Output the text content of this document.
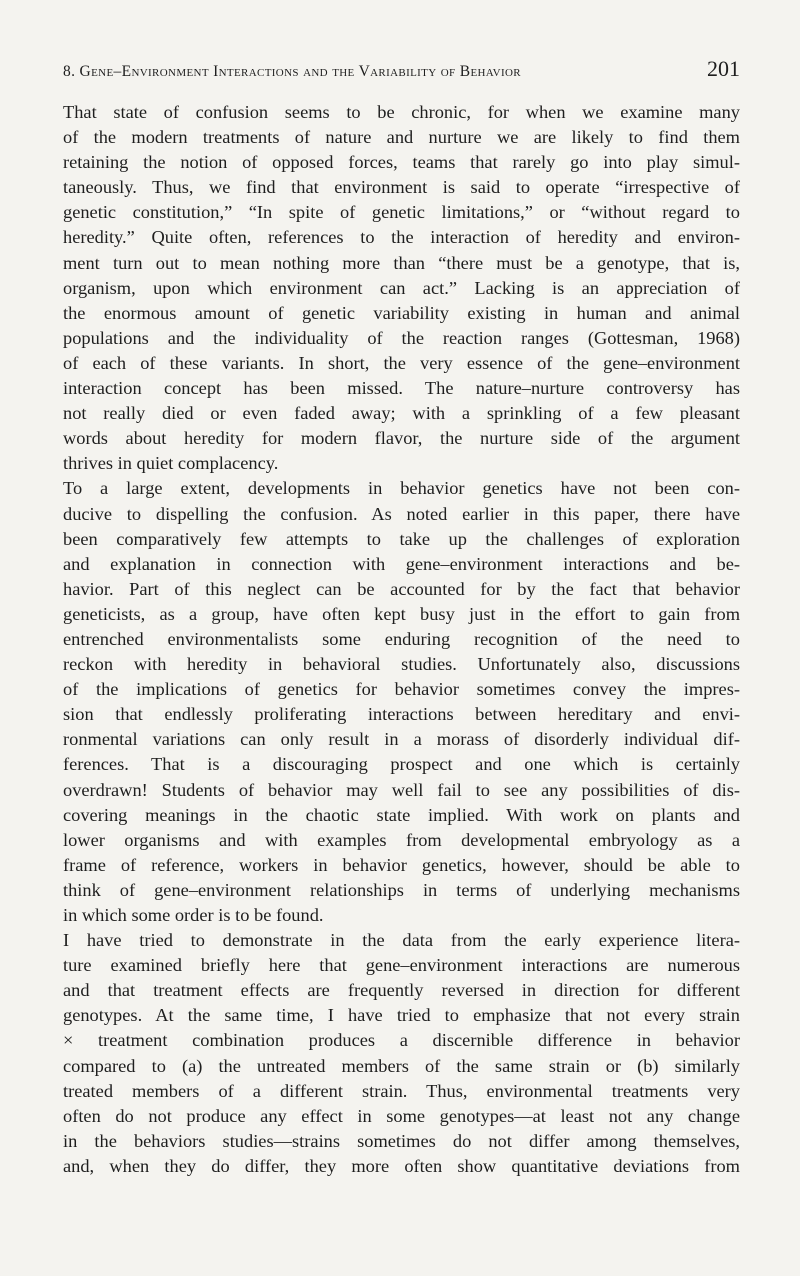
8. Gene–Environment Interactions and the Variability of Behavior	201
That state of confusion seems to be chronic, for when we examine many
of the modern treatments of nature and nurture we are likely to find them
retaining the notion of opposed forces, teams that rarely go into play simul-
taneously. Thus, we find that environment is said to operate “irrespective of
genetic constitution,” “In spite of genetic limitations,” or “without regard to
heredity.” Quite often, references to the interaction of heredity and environ-
ment turn out to mean nothing more than “there must be a genotype, that is,
organism, upon which environment can act.” Lacking is an appreciation of
the enormous amount of genetic variability existing in human and animal
populations and the individuality of the reaction ranges (Gottesman, 1968)
of each of these variants. In short, the very essence of the gene–environment
interaction concept has been missed. The nature–nurture controversy has
not really died or even faded away; with a sprinkling of a few pleasant
words about heredity for modern flavor, the nurture side of the argument
thrives in quiet complacency.
To a large extent, developments in behavior genetics have not been con-
ducive to dispelling the confusion. As noted earlier in this paper, there have
been comparatively few attempts to take up the challenges of exploration
and explanation in connection with gene–environment interactions and be-
havior. Part of this neglect can be accounted for by the fact that behavior
geneticists, as a group, have often kept busy just in the effort to gain from
entrenched environmentalists some enduring recognition of the need to
reckon with heredity in behavioral studies. Unfortunately also, discussions
of the implications of genetics for behavior sometimes convey the impres-
sion that endlessly proliferating interactions between hereditary and envi-
ronmental variations can only result in a morass of disorderly individual dif-
ferences. That is a discouraging prospect and one which is certainly
overdrawn! Students of behavior may well fail to see any possibilities of dis-
covering meanings in the chaotic state implied. With work on plants and
lower organisms and with examples from developmental embryology as a
frame of reference, workers in behavior genetics, however, should be able to
think of gene–environment relationships in terms of underlying mechanisms
in which some order is to be found.
I have tried to demonstrate in the data from the early experience litera-
ture examined briefly here that gene–environment interactions are numerous
and that treatment effects are frequently reversed in direction for different
genotypes. At the same time, I have tried to emphasize that not every strain
× treatment combination produces a discernible difference in behavior
compared to (a) the untreated members of the same strain or (b) similarly
treated members of a different strain. Thus, environmental treatments very
often do not produce any effect in some genotypes—at least not any change
in the behaviors studies—strains sometimes do not differ among themselves,
and, when they do differ, they more often show quantitative deviations from
